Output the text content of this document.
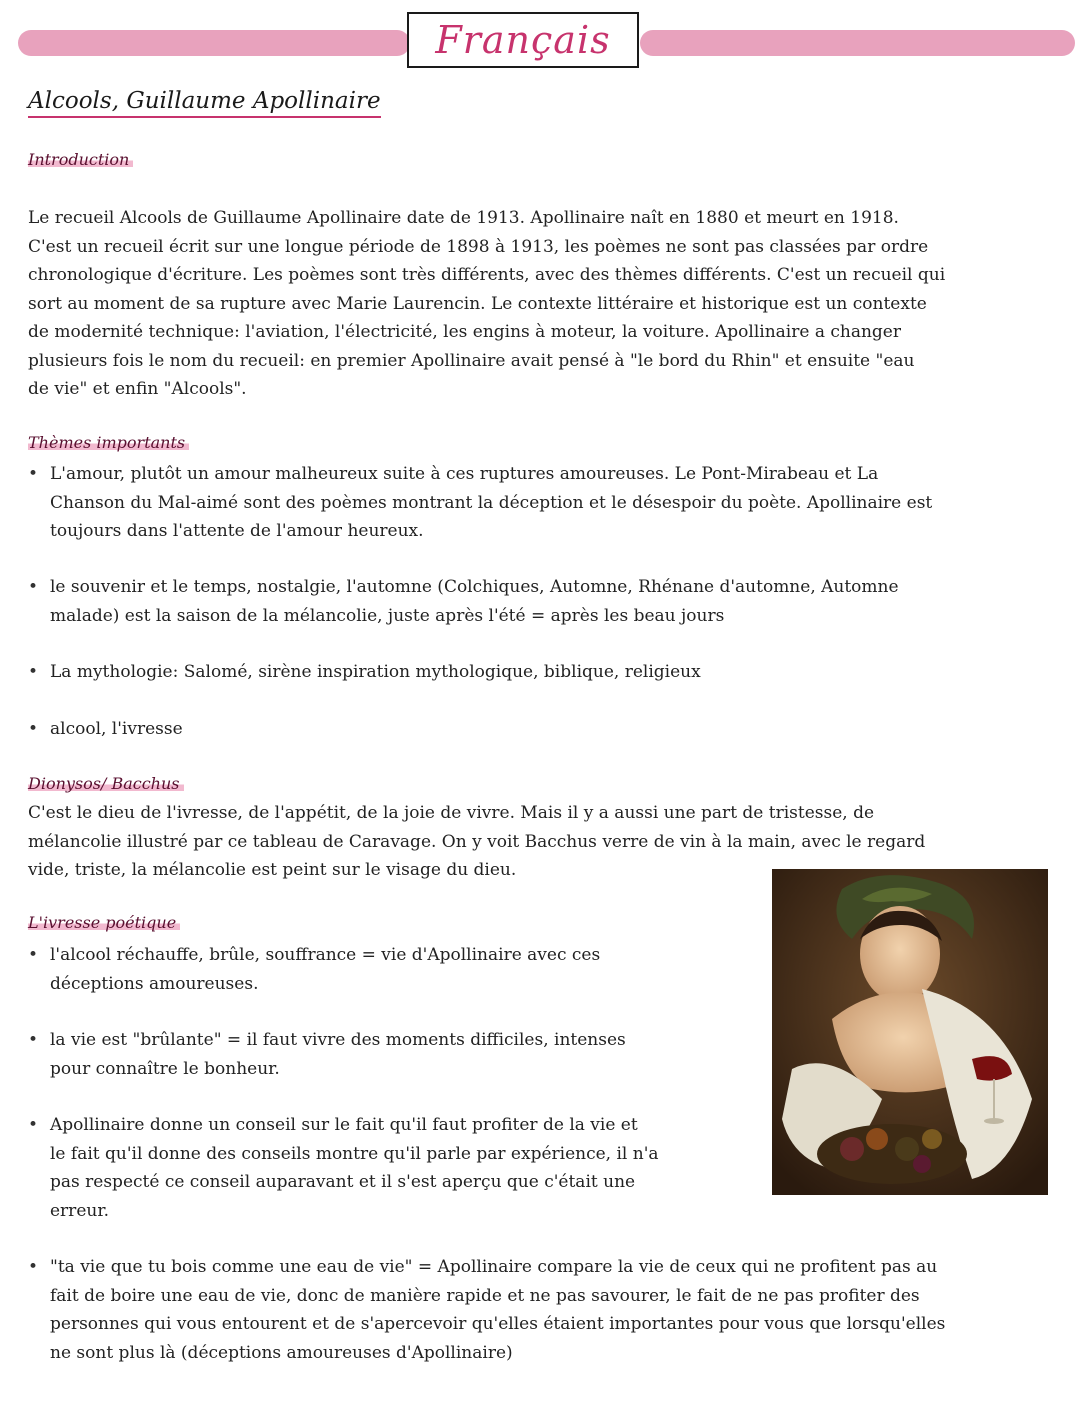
Français
Alcools, Guillaume Apollinaire
Introduction
Le recueil Alcools de Guillaume Apollinaire date de 1913. Apollinaire naît en 1880 et meurt en 1918.
C'est un recueil écrit sur une longue période de 1898 à 1913, les poèmes ne sont pas classées par ordre
chronologique d'écriture. Les poèmes sont très différents, avec des thèmes différents. C'est un recueil qui
sort au moment de sa rupture avec Marie Laurencin. Le contexte littéraire et historique est un contexte
de modernité technique: l'aviation, l'électricité, les engins à moteur, la voiture. Apollinaire a changer
plusieurs fois le nom du recueil: en premier Apollinaire avait pensé à "le bord du Rhin" et ensuite "eau
de vie" et enfin "Alcools".
Thèmes importants
• L'amour, plutôt un amour malheureux suite à ces ruptures amoureuses. Le Pont-Mirabeau et La
Chanson du Mal-aimé sont des poèmes montrant la déception et le désespoir du poète. Apollinaire est
toujours dans l'attente de l'amour heureux.
• le souvenir et le temps, nostalgie, l'automne (Colchiques, Automne, Rhénane d'automne, Automne
malade) est la saison de la mélancolie, juste après l'été = après les beau jours
• La mythologie: Salomé, sirène inspiration mythologique, biblique, religieux
• alcool, l'ivresse
Dionysos/ Bacchus
C'est le dieu de l'ivresse, de l'appétit, de la joie de vivre. Mais il y a aussi une part de tristesse, de
mélancolie illustré par ce tableau de Caravage. On y voit Bacchus verre de vin à la main, avec le regard
vide, triste, la mélancolie est peint sur le visage du dieu.
L'ivresse poétique
• l'alcool réchauffe, brûle, souffrance = vie d'Apollinaire avec ces
déceptions amoureuses.
• la vie est "brûlante" = il faut vivre des moments difficiles, intenses
pour connaître le bonheur.
• Apollinaire donne un conseil sur le fait qu'il faut profiter de la vie et
le fait qu'il donne des conseils montre qu'il parle par expérience, il n'a
pas respecté ce conseil auparavant et il s'est aperçu que c'était une
erreur.
• "ta vie que tu bois comme une eau de vie" = Apollinaire compare la vie de ceux qui ne profitent pas au
fait de boire une eau de vie, donc de manière rapide et ne pas savourer, le fait de ne pas profiter des
personnes qui vous entourent et de s'apercevoir qu'elles étaient importantes pour vous que lorsqu'elles
ne sont plus là (déceptions amoureuses d'Apollinaire)
